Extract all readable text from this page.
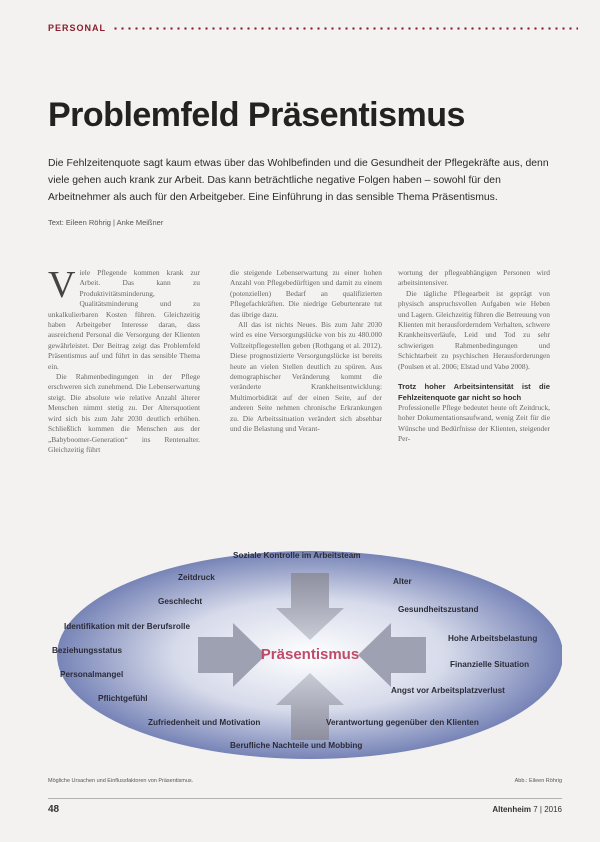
PERSONAL
Problemfeld Präsentismus

Die Fehlzeitenquote sagt kaum etwas über das Wohlbefinden und die Gesundheit der Pflegekräfte aus, denn viele gehen auch krank zur Arbeit. Das kann beträchtliche negative Folgen haben – sowohl für den Arbeitnehmer als auch für den Arbeitgeber. Eine Einführung in das sensible Thema Präsentismus.

Text: Eileen Röhrig | Anke Meißner

Viele Pflegende kommen krank zur Arbeit. Das kann zu Produktivitätsminderung, Qualitätsminderung und zu unkalkulierbaren Kosten führen. Gleichzeitig haben Arbeitgeber Interesse daran, dass ausreichend Personal die Versorgung der Klienten gewährleistet. Der Beitrag zeigt das Problemfeld Präsentismus auf und führt in das sensible Thema ein.

Die Rahmenbedingungen in der Pflege erschweren sich zunehmend. Die Lebenserwartung steigt. Die absolute wie relative Anzahl älterer Menschen nimmt stetig zu. Der Altersquotient wird sich bis zum Jahr 2030 deutlich erhöhen. Schließlich kommen die Menschen aus der „Babyboomer-Generation“ ins Rentenalter. Gleichzeitig führt

die steigende Lebenserwartung zu einer hohen Anzahl von Pflegebedürftigen und damit zu einem (potenziellen) Bedarf an qualifizierten Pflegefachkräften. Die niedrige Geburtenrate tut das übrige dazu.

All das ist nichts Neues. Bis zum Jahr 2030 wird es eine Versorgungslücke von bis zu 480.000 Vollzeitpflegestellen geben (Rothgang et al. 2012). Diese prognostizierte Versorgungslücke ist bereits heute an vielen Stellen deutlich zu spüren. Aus demographischer Veränderung kommt die veränderte Krankheitsentwicklung: Multimorbidität auf der einen Seite, auf der anderen Seite nehmen chronische Erkrankungen zu. Die Arbeitssituation verändert sich absehbar und die Belastung und Verant-

wortung der pflegeabhängigen Personen wird arbeitsintensiver.

Die tägliche Pflegearbeit ist geprägt von physisch anspruchsvollen Aufgaben wie Heben und Lagern. Gleichzeitig führen die Betreuung von Klienten mit herausforderndem Verhalten, schwere Krankheitsverläufe, Leid und Tod zu sehr schwierigen Rahmenbedingungen und Schichtarbeit zu psychischen Herausforderungen (Poulsen et al. 2006; Elstad und Vabø 2008).

Trotz hoher Arbeitsintensität ist die Fehlzeitenquote gar nicht so hoch

Professionelle Pflege bedeutet heute oft Zeitdruck, hoher Dokumentationsaufwand, wenig Zeit für die Wünsche und Bedürfnisse der Klienten, steigender Per-

Präsentismus
Soziale Kontrolle im Arbeitsteam
Zeitdruck	Alter
Geschlecht
Gesundheitszustand
Identifikation mit der Berufsrolle
Hohe Arbeitsbelastung
Beziehungsstatus
Finanzielle Situation
Personalmangel
Angst vor Arbeitsplatzverlust
Pflichtgefühl
Zufriedenheit und Motivation	Verantwortung gegenüber den Klienten
Berufliche Nachteile und Mobbing

Mögliche Ursachen und Einflussfaktoren von Präsentismus.	Abb.: Eileen Röhrig

48	Altenheim 7 | 2016
